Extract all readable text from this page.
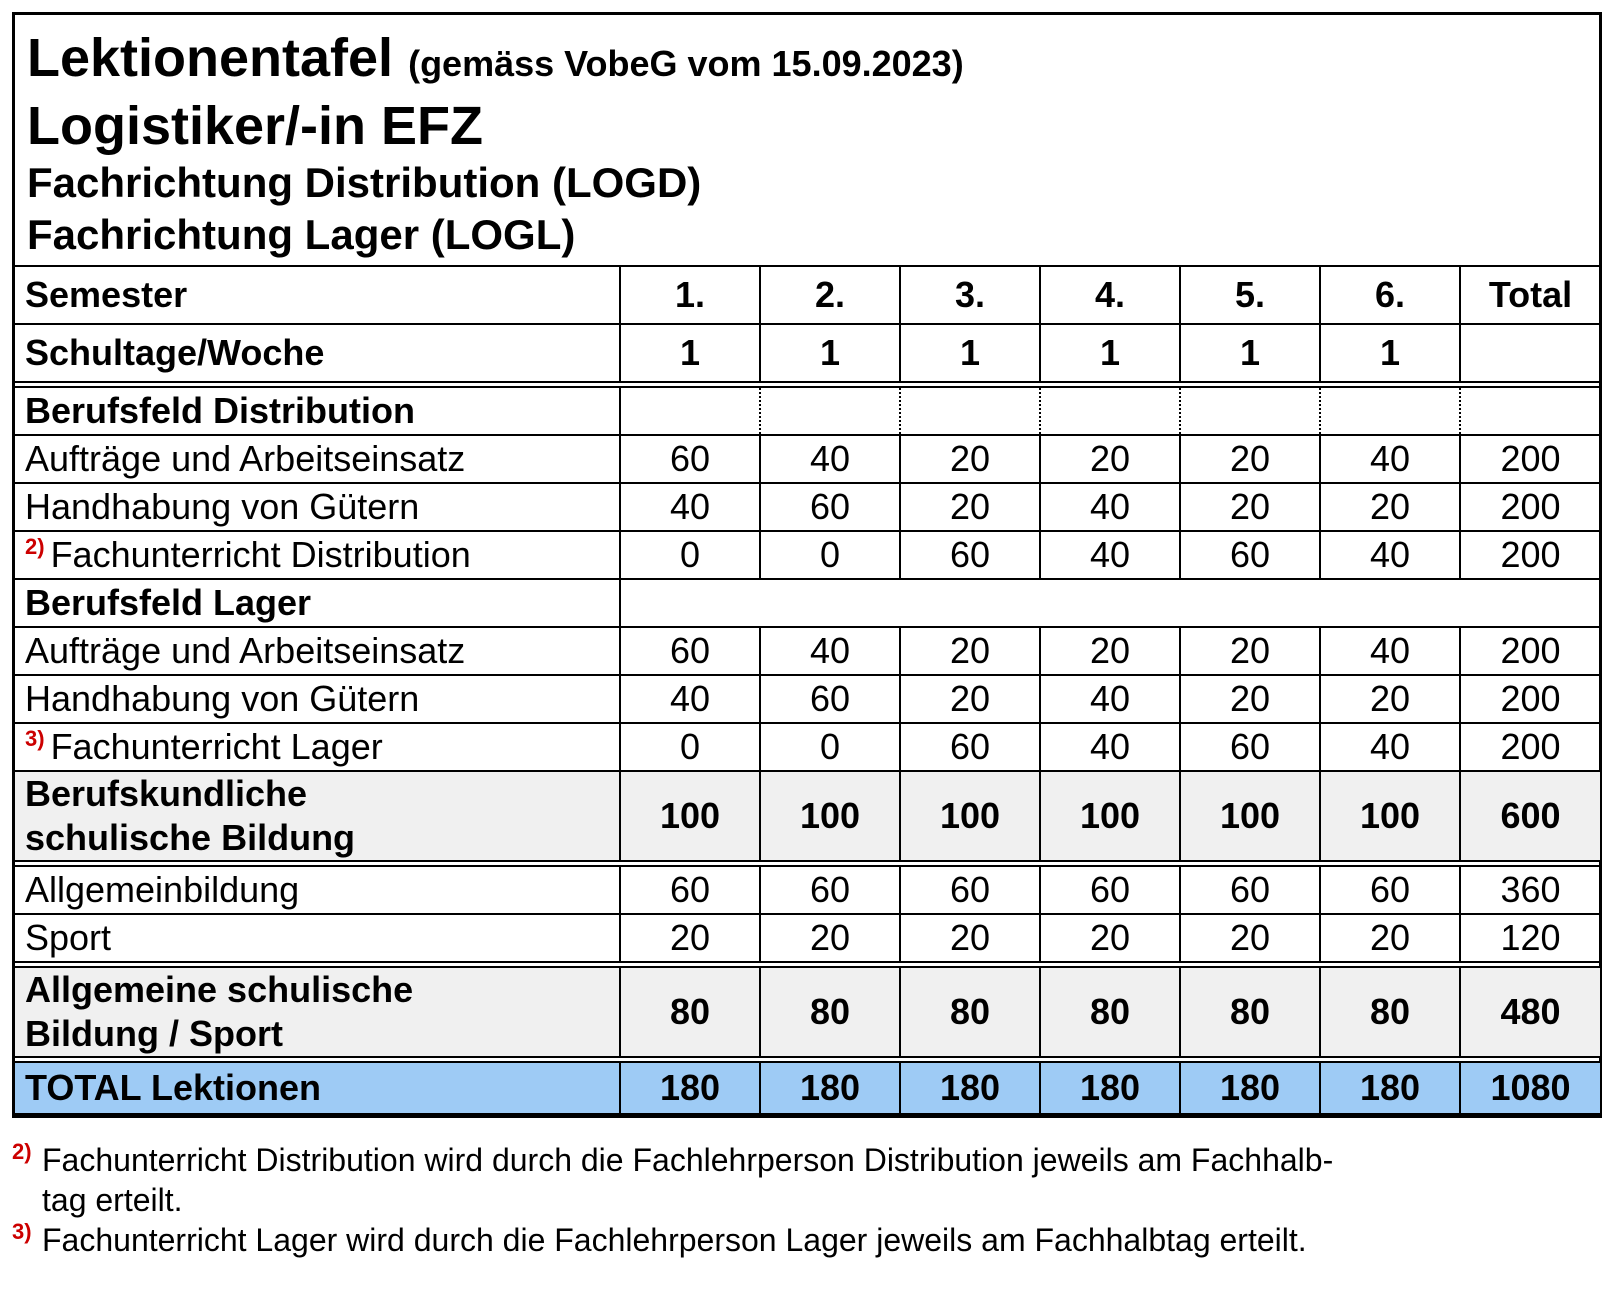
Lektionentafel (gemäss VobeG vom 15.09.2023)
Logistiker/-in EFZ
Fachrichtung Distribution (LOGD)
Fachrichtung Lager (LOGL)
Semester	1.	2.	3.	4.	5.	6.	Total
Schultage/Woche	1	1	1	1	1	1	
Berufsfeld Distribution							
Aufträge und Arbeitseinsatz	60	40	20	20	20	40	200
Handhabung von Gütern	40	60	20	40	20	20	200
$^{2)}$ Fachunterricht Distribution	0	0	60	40	60	40	200
Berufsfeld Lager							
Aufträge und Arbeitseinsatz	60	40	20	20	20	40	200
Handhabung von Gütern	40	60	20	40	20	20	200
$^{3)}$ Fachunterricht Lager	0	0	60	40	60	40	200
Berufskundliche
schulische Bildung	100	100	100	100	100	100	600
Allgemeinbildung	60	60	60	60	60	60	360
Sport	20	20	20	20	20	20	120
Allgemeine schulische
Bildung / Sport	80	80	80	80	80	80	480
TOTAL Lektionen	180	180	180	180	180	180	1080
2) Fachunterricht Distribution wird durch die Fachlehrperson Distribution jeweils am Fachhalb-
tag erteilt.
3) Fachunterricht Lager wird durch die Fachlehrperson Lager jeweils am Fachhalbtag erteilt.
